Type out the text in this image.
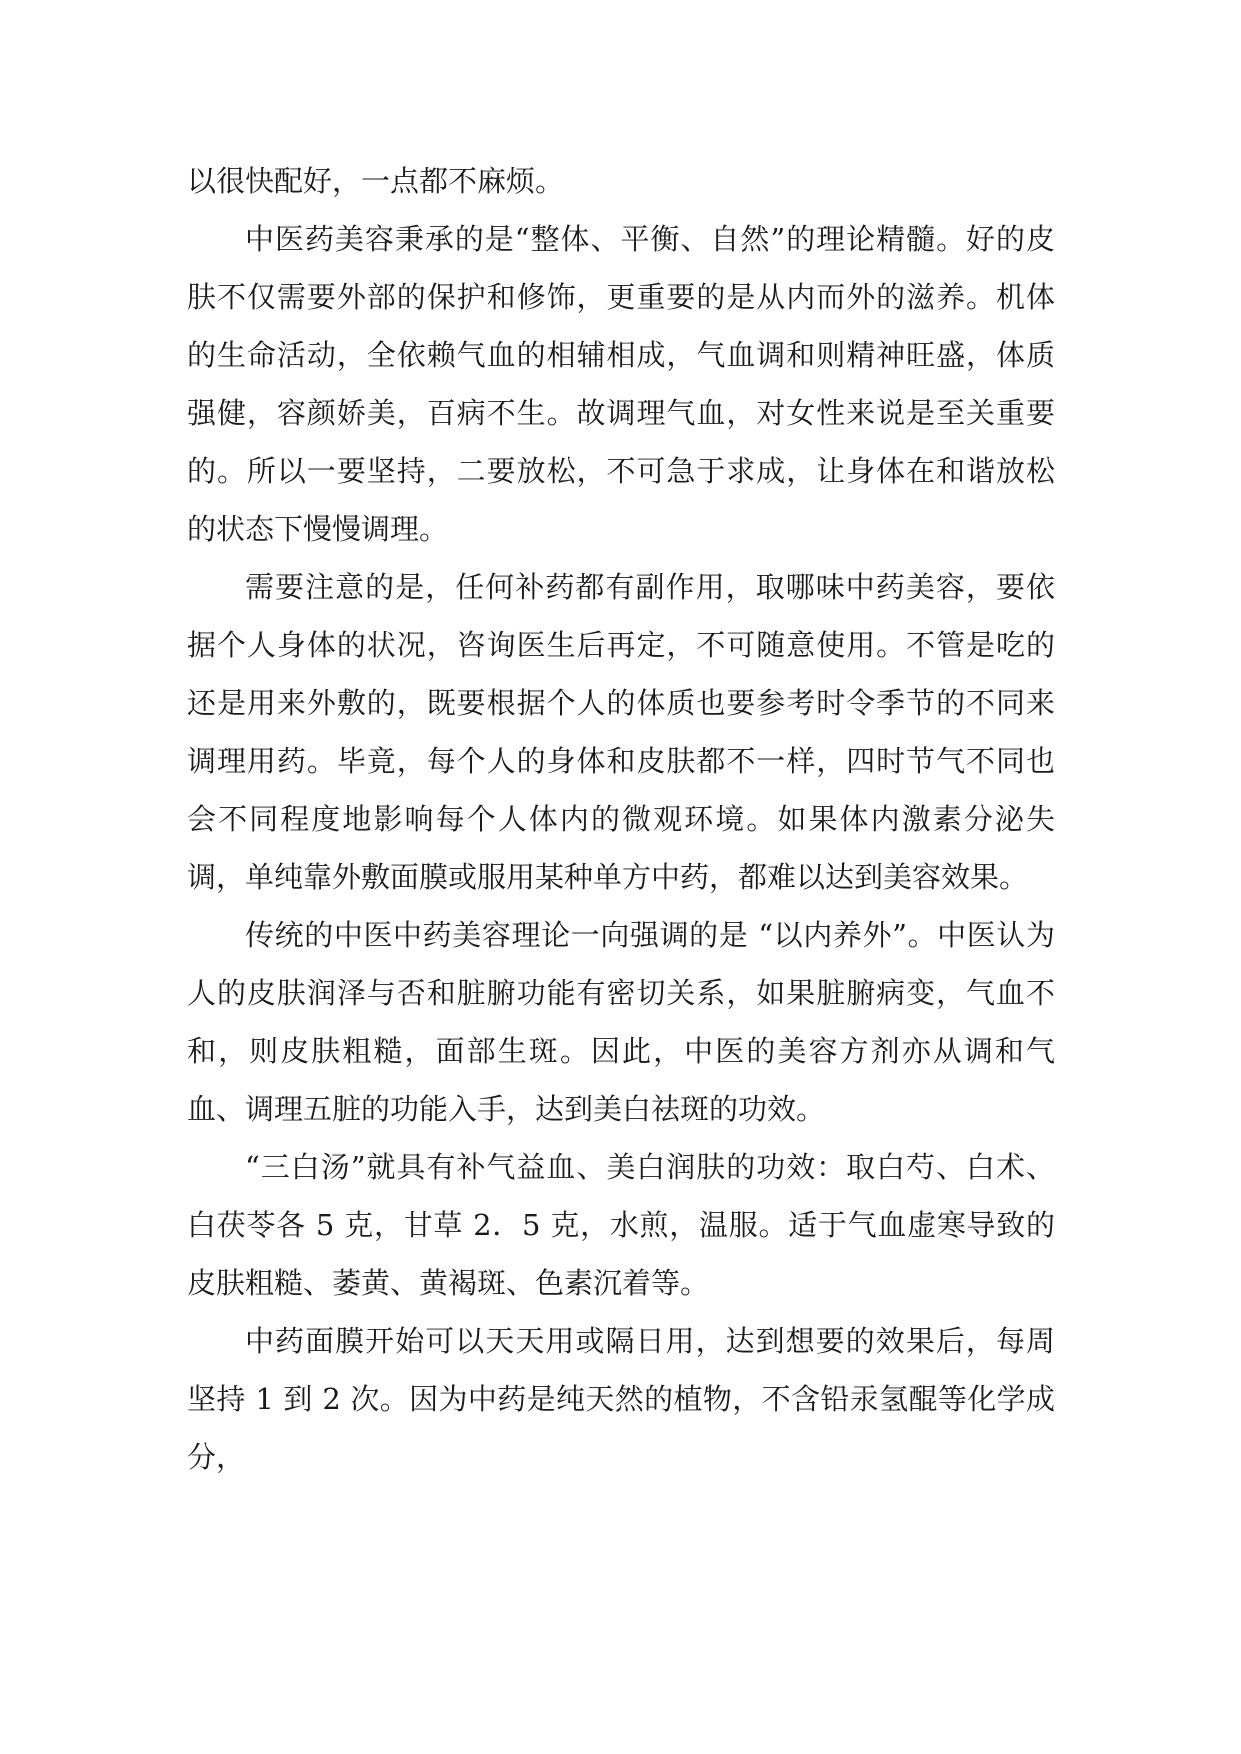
以很快配好，一点都不麻烦。

中医药美容秉承的是“整体、平衡、自然”的理论精髓。好的皮肤不仅需要外部的保护和修饰，更重要的是从内而外的滋养。机体的生命活动，全依赖气血的相辅相成，气血调和则精神旺盛，体质强健，容颜娇美，百病不生。故调理气血，对女性来说是至关重要的。所以一要坚持，二要放松，不可急于求成，让身体在和谐放松的状态下慢慢调理。

需要注意的是，任何补药都有副作用，取哪味中药美容，要依据个人身体的状况，咨询医生后再定，不可随意使用。不管是吃的还是用来外敷的，既要根据个人的体质也要参考时令季节的不同来调理用药。毕竟，每个人的身体和皮肤都不一样，四时节气不同也会不同程度地影响每个人体内的微观环境。如果体内激素分泌失调，单纯靠外敷面膜或服用某种单方中药，都难以达到美容效果。

传统的中医中药美容理论一向强调的是 “以内养外”。中医认为人的皮肤润泽与否和脏腑功能有密切关系，如果脏腑病变，气血不和，则皮肤粗糙，面部生斑。因此，中医的美容方剂亦从调和气血、调理五脏的功能入手，达到美白祛斑的功效。

“三白汤”就具有补气益血、美白润肤的功效：取白芍、白术、白茯苓各 5 克，甘草 2．5 克，水煎，温服。适于气血虚寒导致的皮肤粗糙、萎黄、黄褐斑、色素沉着等。

中药面膜开始可以天天用或隔日用，达到想要的效果后，每周坚持 1 到 2 次。因为中药是纯天然的植物，不含铅汞氢醌等化学成分，
